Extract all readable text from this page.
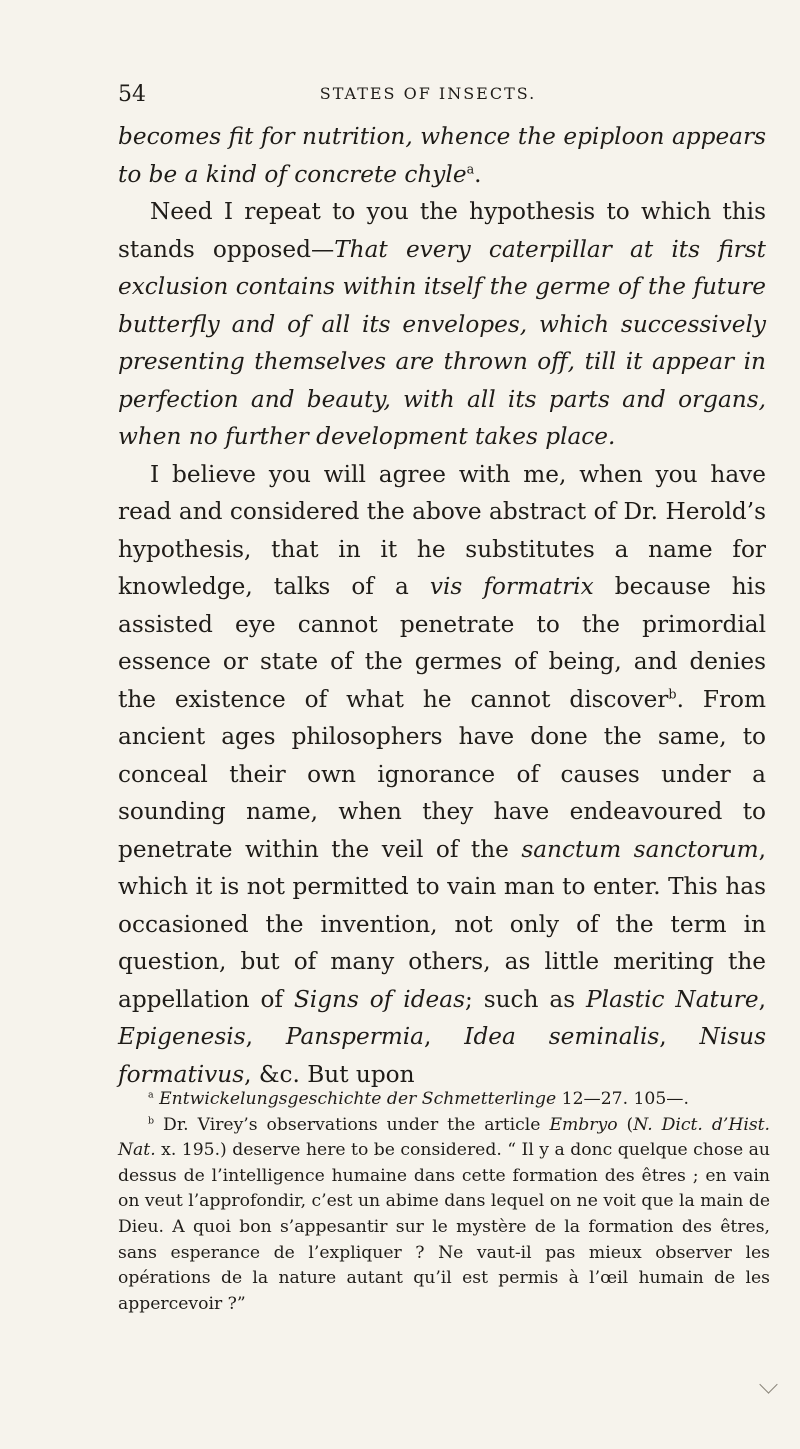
54	STATES OF INSECTS.

becomes fit for nutrition, whence the epiploon appears to be a kind of concrete chyle$^a$.

Need I repeat to you the hypothesis to which this stands opposed—That every caterpillar at its first exclusion contains within itself the germe of the future butterfly and of all its envelopes, which successively presenting themselves are thrown off, till it appear in perfection and beauty, with all its parts and organs, when no further development takes place.

I believe you will agree with me, when you have read and considered the above abstract of Dr. Herold’s hypothesis, that in it he substitutes a name for knowledge, talks of a vis formatrix because his assisted eye cannot penetrate to the primordial essence or state of the germes of being, and denies the existence of what he cannot discover$^b$. From ancient ages philosophers have done the same, to conceal their own ignorance of causes under a sounding name, when they have endeavoured to penetrate within the veil of the sanctum sanctorum, which it is not permitted to vain man to enter. This has occasioned the invention, not only of the term in question, but of many others, as little meriting the appellation of Signs of ideas; such as Plastic Nature, Epigenesis, Panspermia, Idea seminalis, Nisus formativus, &c. But upon

$^a$ Entwickelungsgeschichte der Schmetterlinge 12—27. 105—.

$^b$ Dr. Virey’s observations under the article Embryo (N. Dict. d’Hist. Nat. x. 195.) deserve here to be considered. “ Il y a donc quelque chose au dessus de l’intelligence humaine dans cette formation des êtres ; en vain on veut l’approfondir, c’est un abime dans lequel on ne voit que la main de Dieu. A quoi bon s’appesantir sur le mystère de la formation des êtres, sans esperance de l’expliquer ? Ne vaut-il pas mieux observer les opérations de la nature autant qu’il est permis à l’œil humain de les appercevoir ?”
